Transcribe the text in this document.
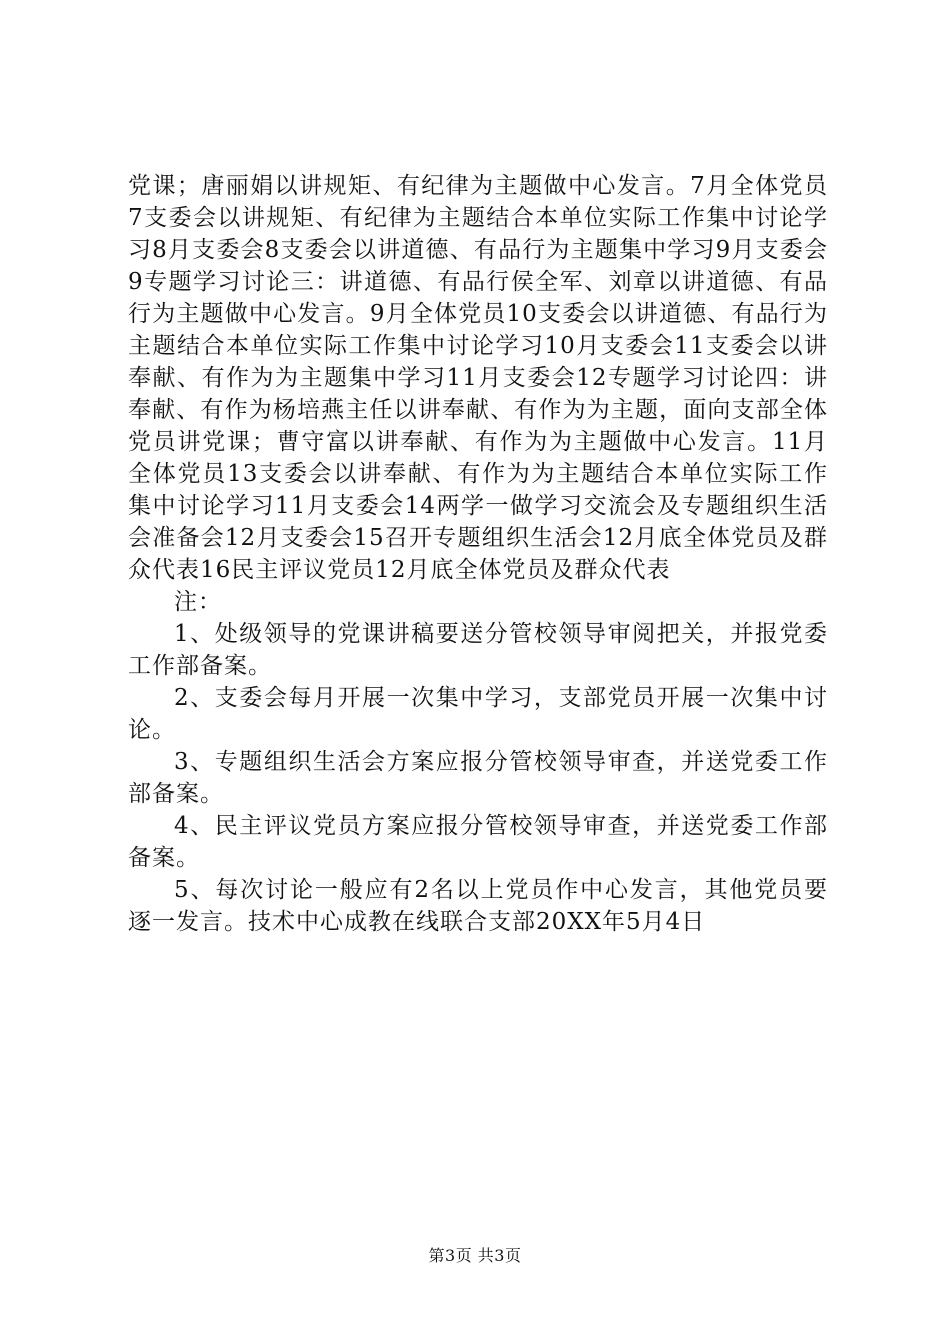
党课；唐丽娟以讲规矩、有纪律为主题做中心发言。7月全体党员7支委会以讲规矩、有纪律为主题结合本单位实际工作集中讨论学习8月支委会8支委会以讲道德、有品行为主题集中学习9月支委会9专题学习讨论三：讲道德、有品行侯全军、刘章以讲道德、有品行为主题做中心发言。9月全体党员10支委会以讲道德、有品行为主题结合本单位实际工作集中讨论学习10月支委会11支委会以讲奉献、有作为为主题集中学习11月支委会12专题学习讨论四：讲奉献、有作为杨培燕主任以讲奉献、有作为为主题，面向支部全体党员讲党课；曹守富以讲奉献、有作为为主题做中心发言。11月全体党员13支委会以讲奉献、有作为为主题结合本单位实际工作集中讨论学习11月支委会14两学一做学习交流会及专题组织生活会准备会12月支委会15召开专题组织生活会12月底全体党员及群众代表16民主评议党员12月底全体党员及群众代表

注：

1、处级领导的党课讲稿要送分管校领导审阅把关，并报党委工作部备案。

2、支委会每月开展一次集中学习，支部党员开展一次集中讨论。

3、专题组织生活会方案应报分管校领导审查，并送党委工作部备案。

4、民主评议党员方案应报分管校领导审查，并送党委工作部备案。

5、每次讨论一般应有2名以上党员作中心发言，其他党员要逐一发言。技术中心成教在线联合支部20XX年5月4日

第3页 共3页
